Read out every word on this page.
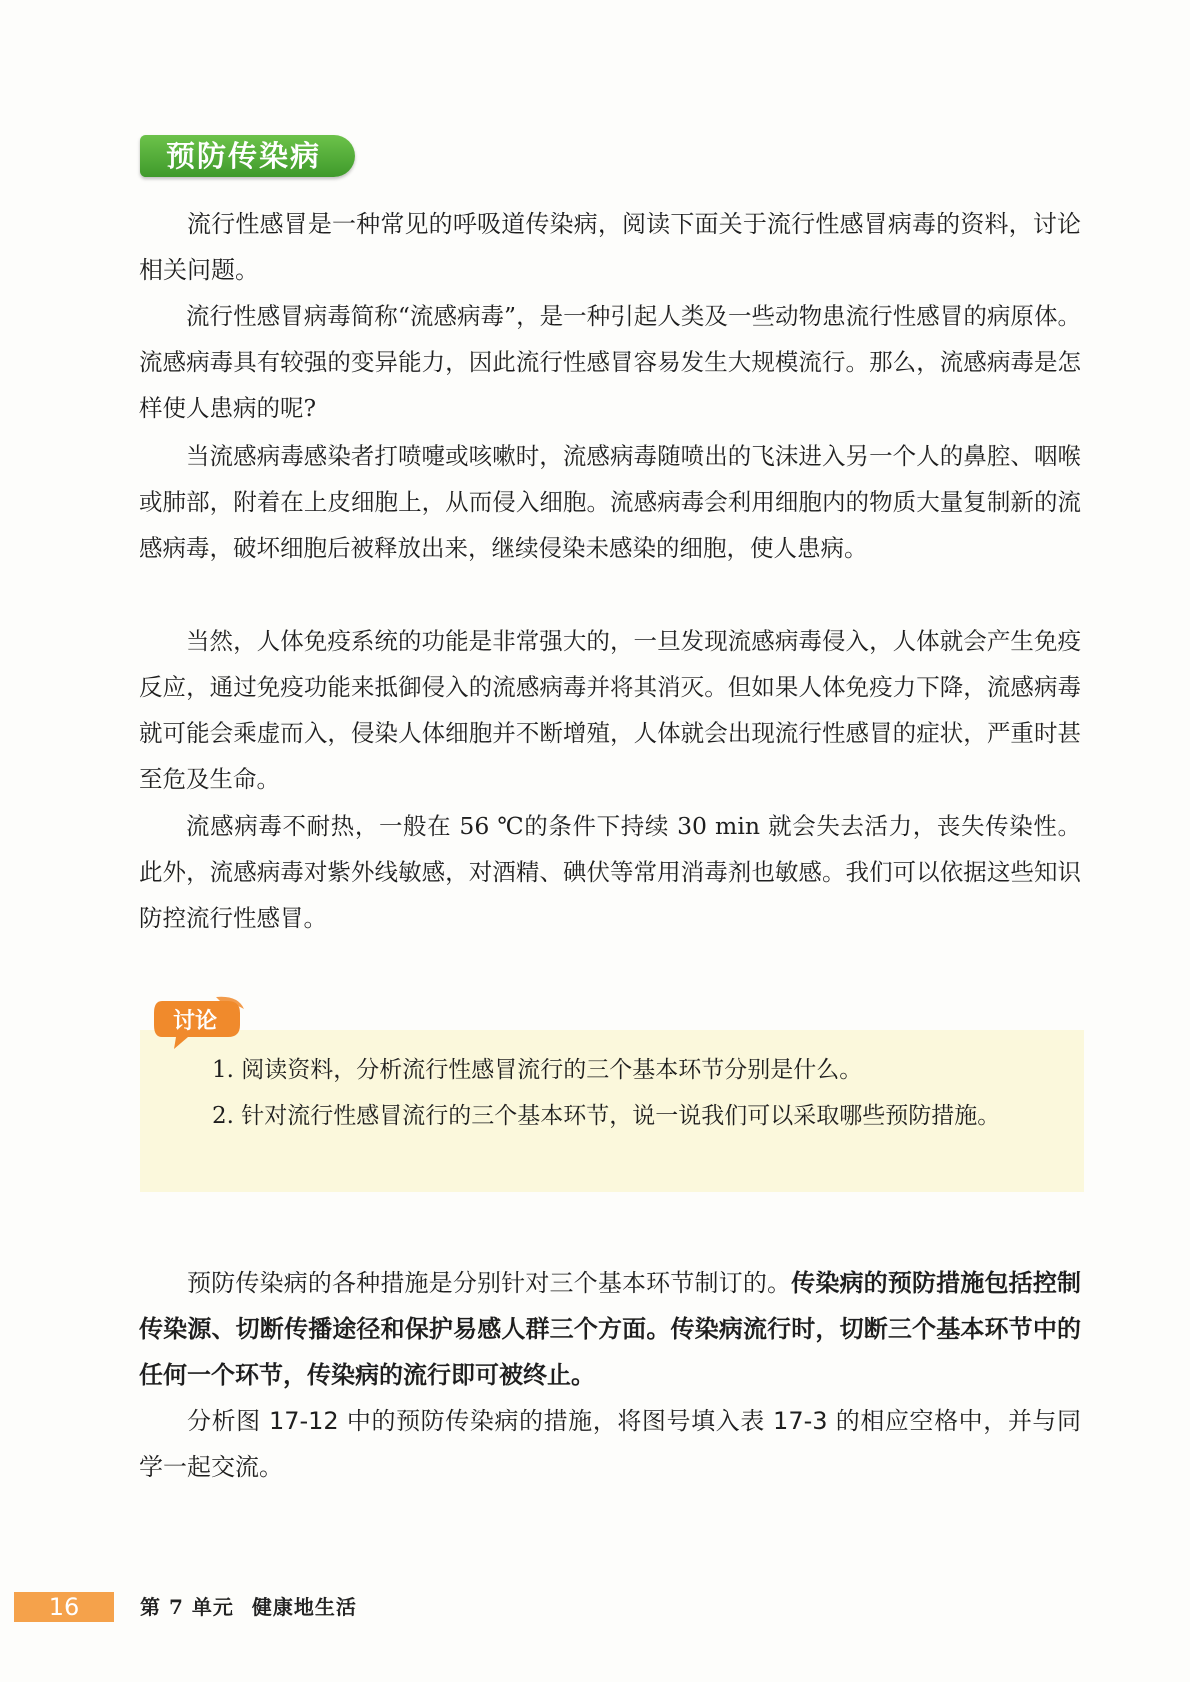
预防传染病

流行性感冒是一种常见的呼吸道传染病，阅读下面关于流行性感冒病毒的资料，讨论相关问题。

流行性感冒病毒简称“流感病毒”，是一种引起人类及一些动物患流行性感冒的病原体。流感病毒具有较强的变异能力，因此流行性感冒容易发生大规模流行。那么，流感病毒是怎样使人患病的呢?

当流感病毒感染者打喷嚏或咳嗽时，流感病毒随喷出的飞沫进入另一个人的鼻腔、咽喉或肺部，附着在上皮细胞上，从而侵入细胞。流感病毒会利用细胞内的物质大量复制新的流感病毒，破坏细胞后被释放出来，继续侵染未感染的细胞，使人患病。

当然，人体免疫系统的功能是非常强大的，一旦发现流感病毒侵入，人体就会产生免疫反应，通过免疫功能来抵御侵入的流感病毒并将其消灭。但如果人体免疫力下降，流感病毒就可能会乘虚而入，侵染人体细胞并不断增殖，人体就会出现流行性感冒的症状，严重时甚至危及生命。

流感病毒不耐热，一般在 56 ℃的条件下持续 30 min 就会失去活力，丧失传染性。此外，流感病毒对紫外线敏感，对酒精、碘伏等常用消毒剂也敏感。我们可以依据这些知识防控流行性感冒。

讨论

1. 阅读资料，分析流行性感冒流行的三个基本环节分别是什么。

2. 针对流行性感冒流行的三个基本环节，说一说我们可以采取哪些预防措施。

预防传染病的各种措施是分别针对三个基本环节制订的。传染病的预防措施包括控制传染源、切断传播途径和保护易感人群三个方面。传染病流行时，切断三个基本环节中的任何一个环节，传染病的流行即可被终止。

分析图 17-12 中的预防传染病的措施，将图号填入表 17-3 的相应空格中，并与同学一起交流。

16	第 7 单元 健康地生活
